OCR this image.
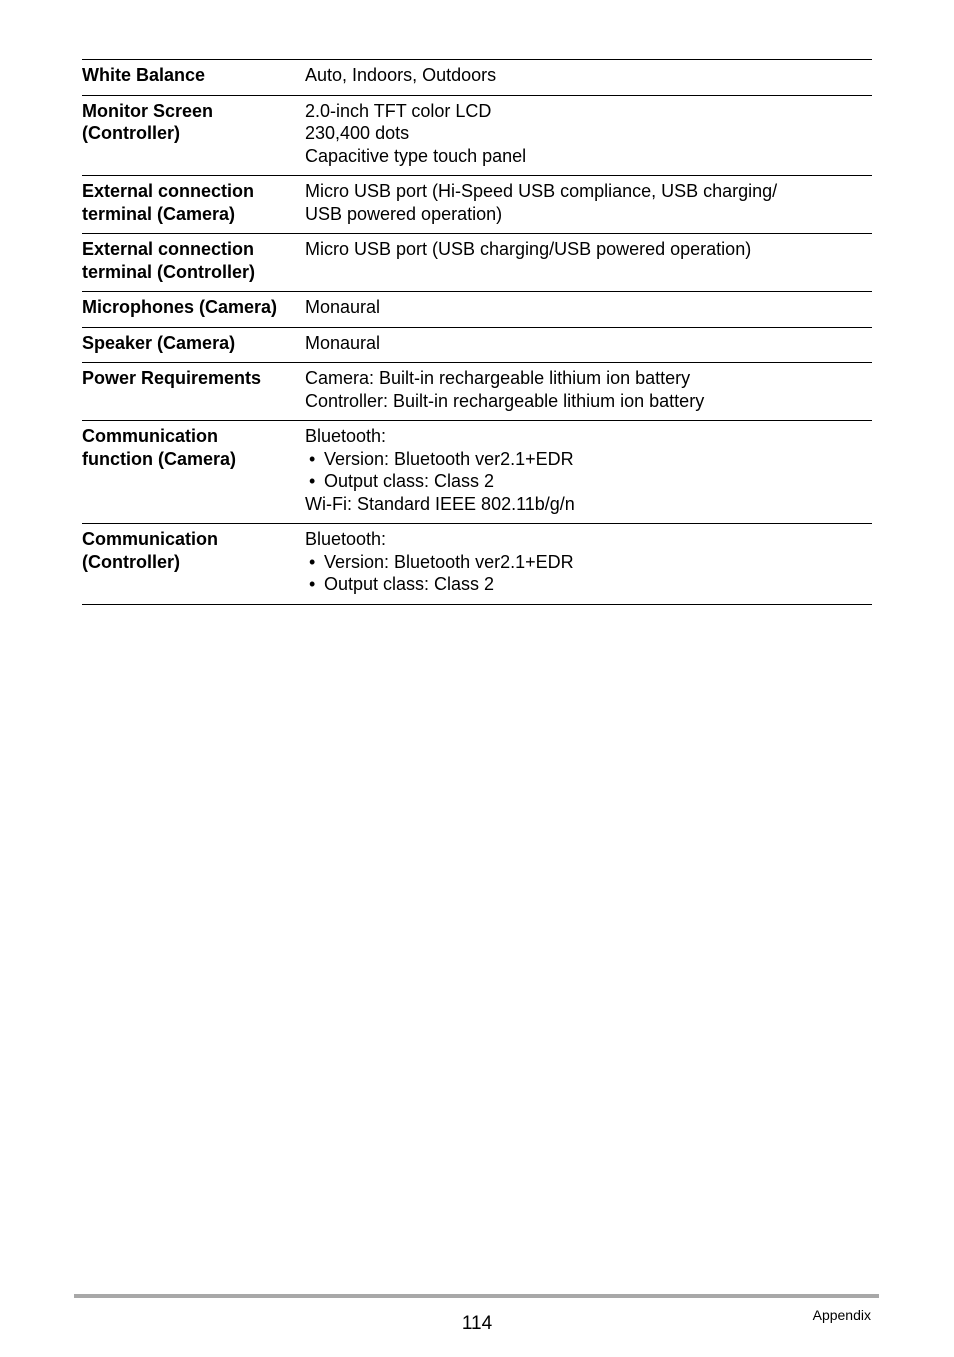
White Balance	Auto, Indoors, Outdoors

Monitor Screen
(Controller)	2.0-inch TFT color LCD
230,400 dots
Capacitive type touch panel

External connection
terminal (Camera)	Micro USB port (Hi-Speed USB compliance, USB charging/
USB powered operation)

External connection
terminal (Controller)	Micro USB port (USB charging/USB powered operation)

Microphones (Camera)	Monaural

Speaker (Camera)	Monaural

Power Requirements	Camera: Built-in rechargeable lithium ion battery
Controller: Built-in rechargeable lithium ion battery

Communication
function (Camera)	Bluetooth:
• Version: Bluetooth ver2.1+EDR
• Output class: Class 2
Wi-Fi: Standard IEEE 802.11b/g/n

Communication
(Controller)	Bluetooth:
• Version: Bluetooth ver2.1+EDR
• Output class: Class 2
114	Appendix
